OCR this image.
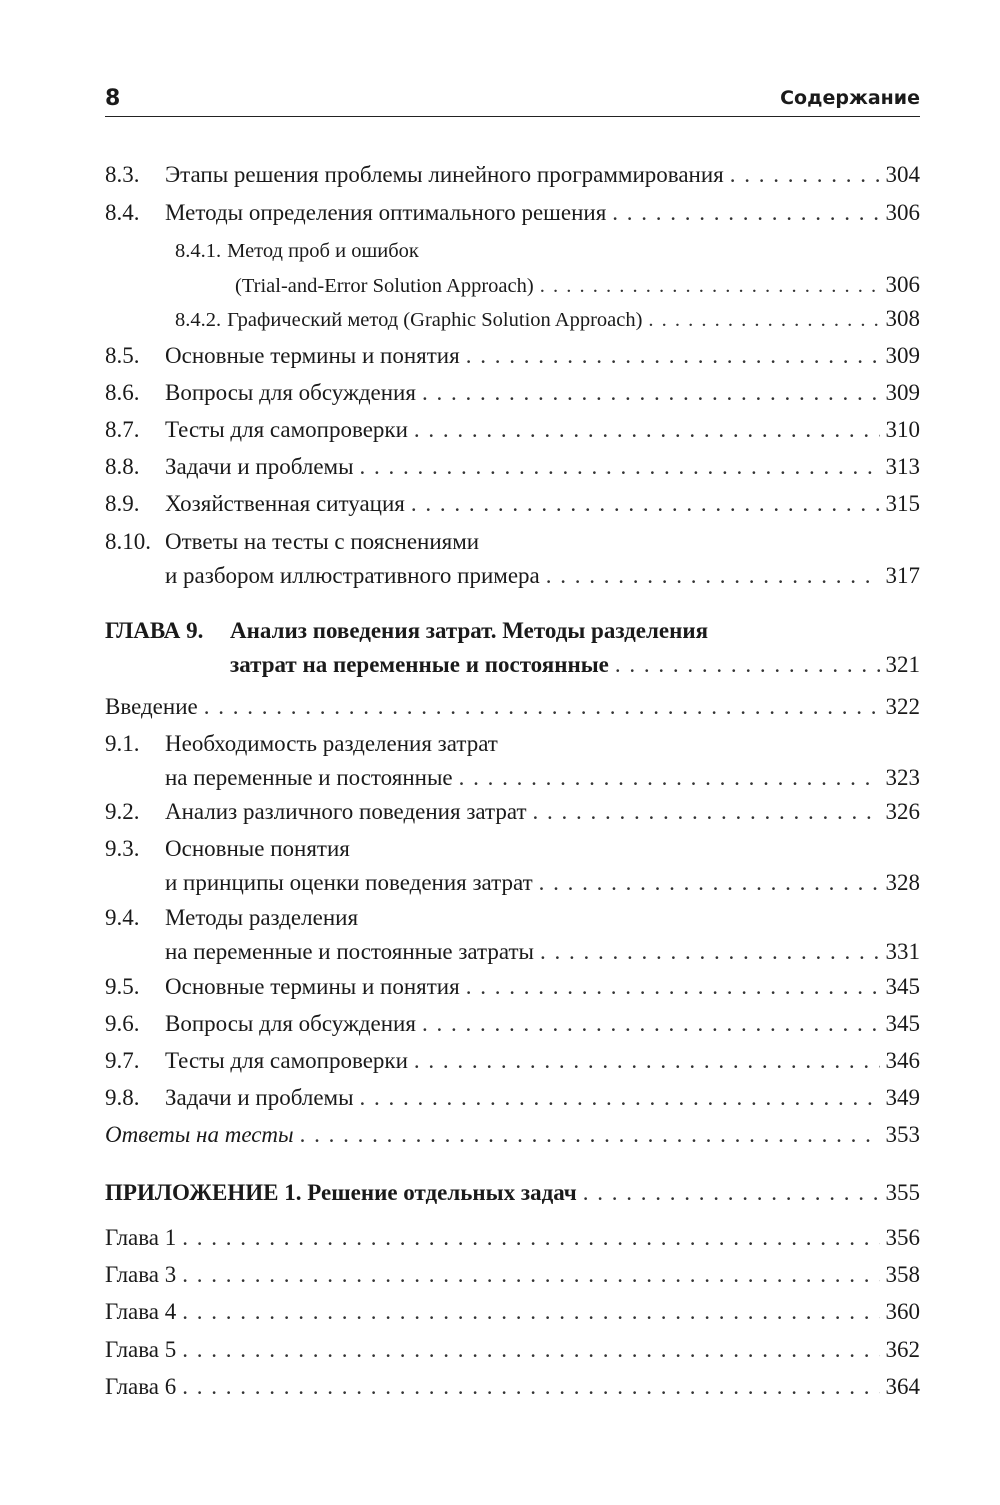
8	Содержание
8.3.	Этапы решения проблемы линейного программирования . . .	304
8.4.	Методы определения оптимального решения . . .	306
8.4.1. Метод проб и ошибок
(Trial-and-Error Solution Approach) . . .	306
8.4.2. Графический метод (Graphic Solution Approach) . . .	308
8.5.	Основные термины и понятия . . .	309
8.6.	Вопросы для обсуждения . . .	309
8.7.	Тесты для самопроверки . . .	310
8.8.	Задачи и проблемы . . .	313
8.9.	Хозяйственная ситуация . . .	315
8.10. Ответы на тесты с пояснениями
и разбором иллюстративного примера . . .	317
ГЛАВА 9.	Анализ поведения затрат. Методы разделения
затрат на переменные и постоянные . . .	321
Введение . . .	322
9.1.	Необходимость разделения затрат
на переменные и постоянные . . .	323
9.2.	Анализ различного поведения затрат . . .	326
9.3.	Основные понятия
и принципы оценки поведения затрат . . .	328
9.4.	Методы разделения
на переменные и постоянные затраты . . .	331
9.5.	Основные термины и понятия . . .	345
9.6.	Вопросы для обсуждения . . .	345
9.7.	Тесты для самопроверки . . .	346
9.8.	Задачи и проблемы . . .	349
Ответы на тесты . . .	353
ПРИЛОЖЕНИЕ 1. Решение отдельных задач . . .	355
Глава 1 . . .	356
Глава 3 . . .	358
Глава 4 . . .	360
Глава 5 . . .	362
Глава 6 . . .	364
